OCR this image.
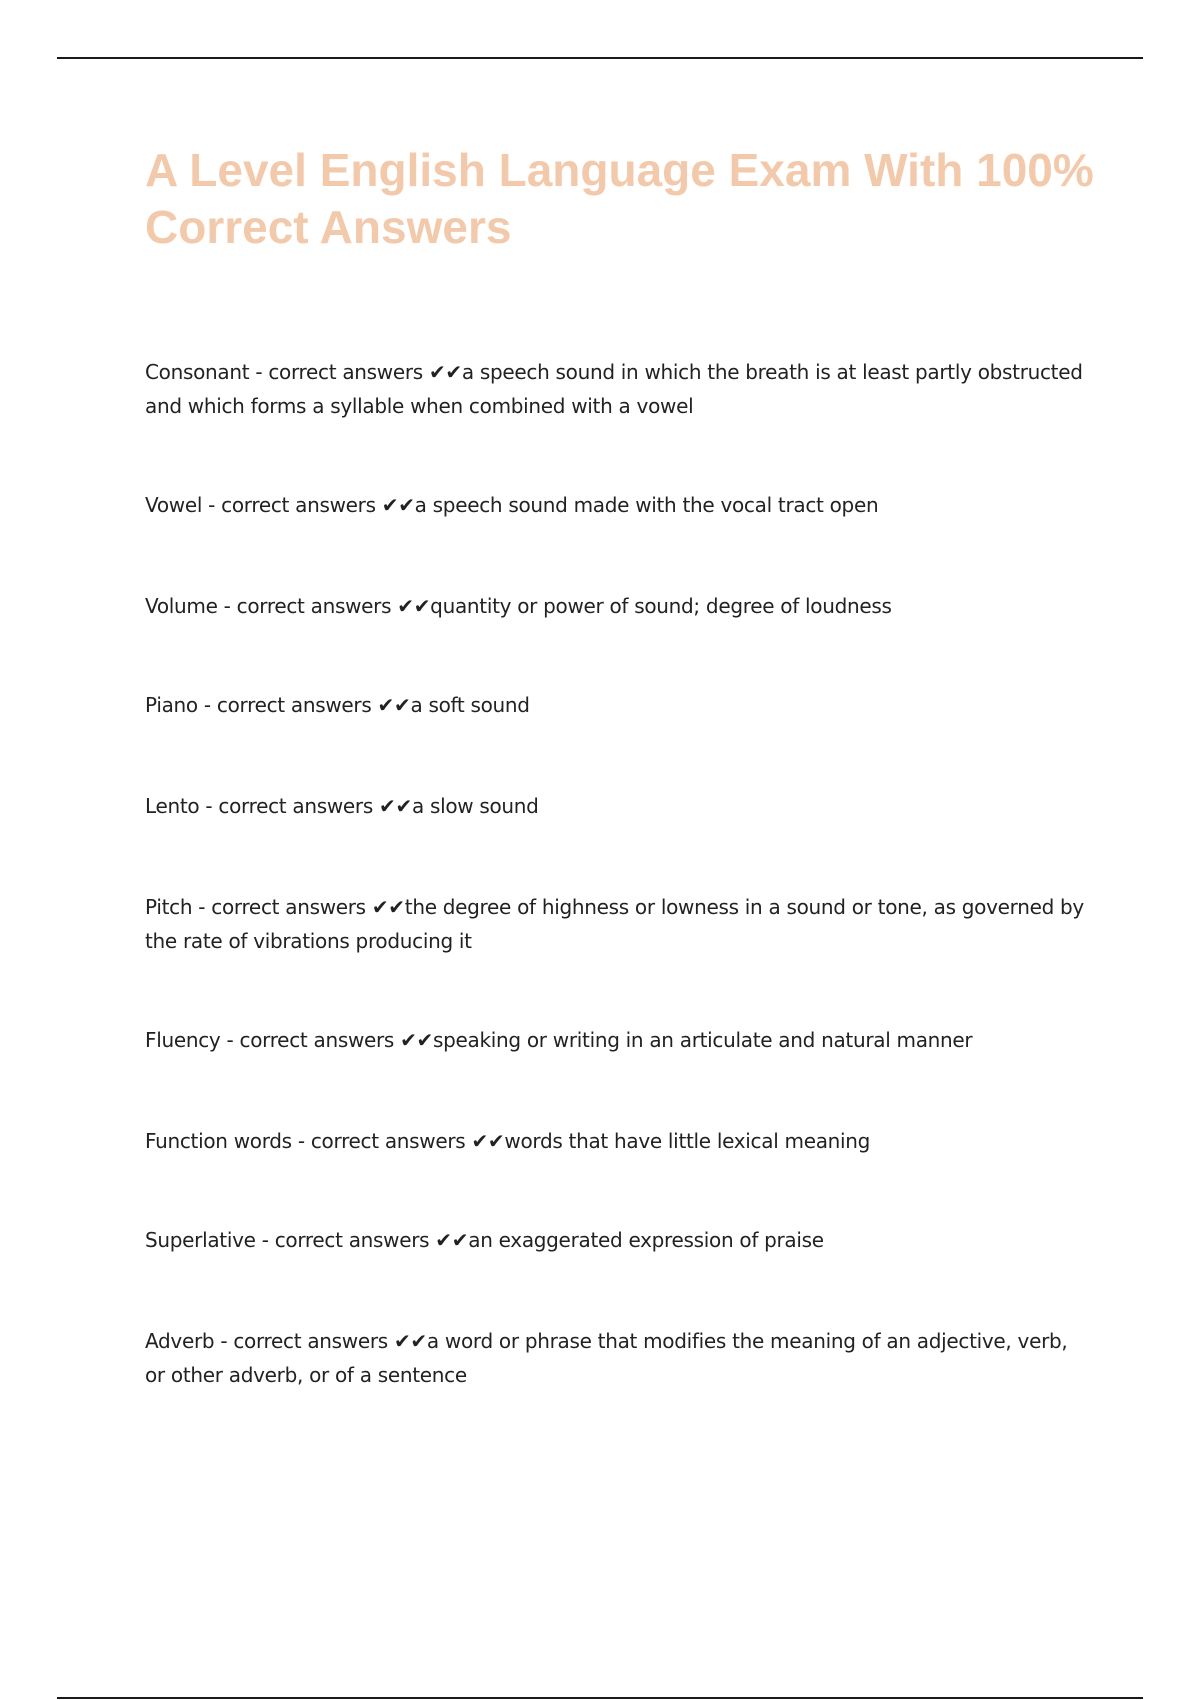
A Level English Language Exam With 100% Correct Answers

Consonant - correct answers ✔✔a speech sound in which the breath is at least partly obstructed and which forms a syllable when combined with a vowel

Vowel - correct answers ✔✔a speech sound made with the vocal tract open

Volume - correct answers ✔✔quantity or power of sound; degree of loudness

Piano - correct answers ✔✔a soft sound

Lento - correct answers ✔✔a slow sound

Pitch - correct answers ✔✔the degree of highness or lowness in a sound or tone, as governed by the rate of vibrations producing it

Fluency - correct answers ✔✔speaking or writing in an articulate and natural manner

Function words - correct answers ✔✔words that have little lexical meaning

Superlative - correct answers ✔✔an exaggerated expression of praise

Adverb - correct answers ✔✔a word or phrase that modifies the meaning of an adjective, verb, or other adverb, or of a sentence
